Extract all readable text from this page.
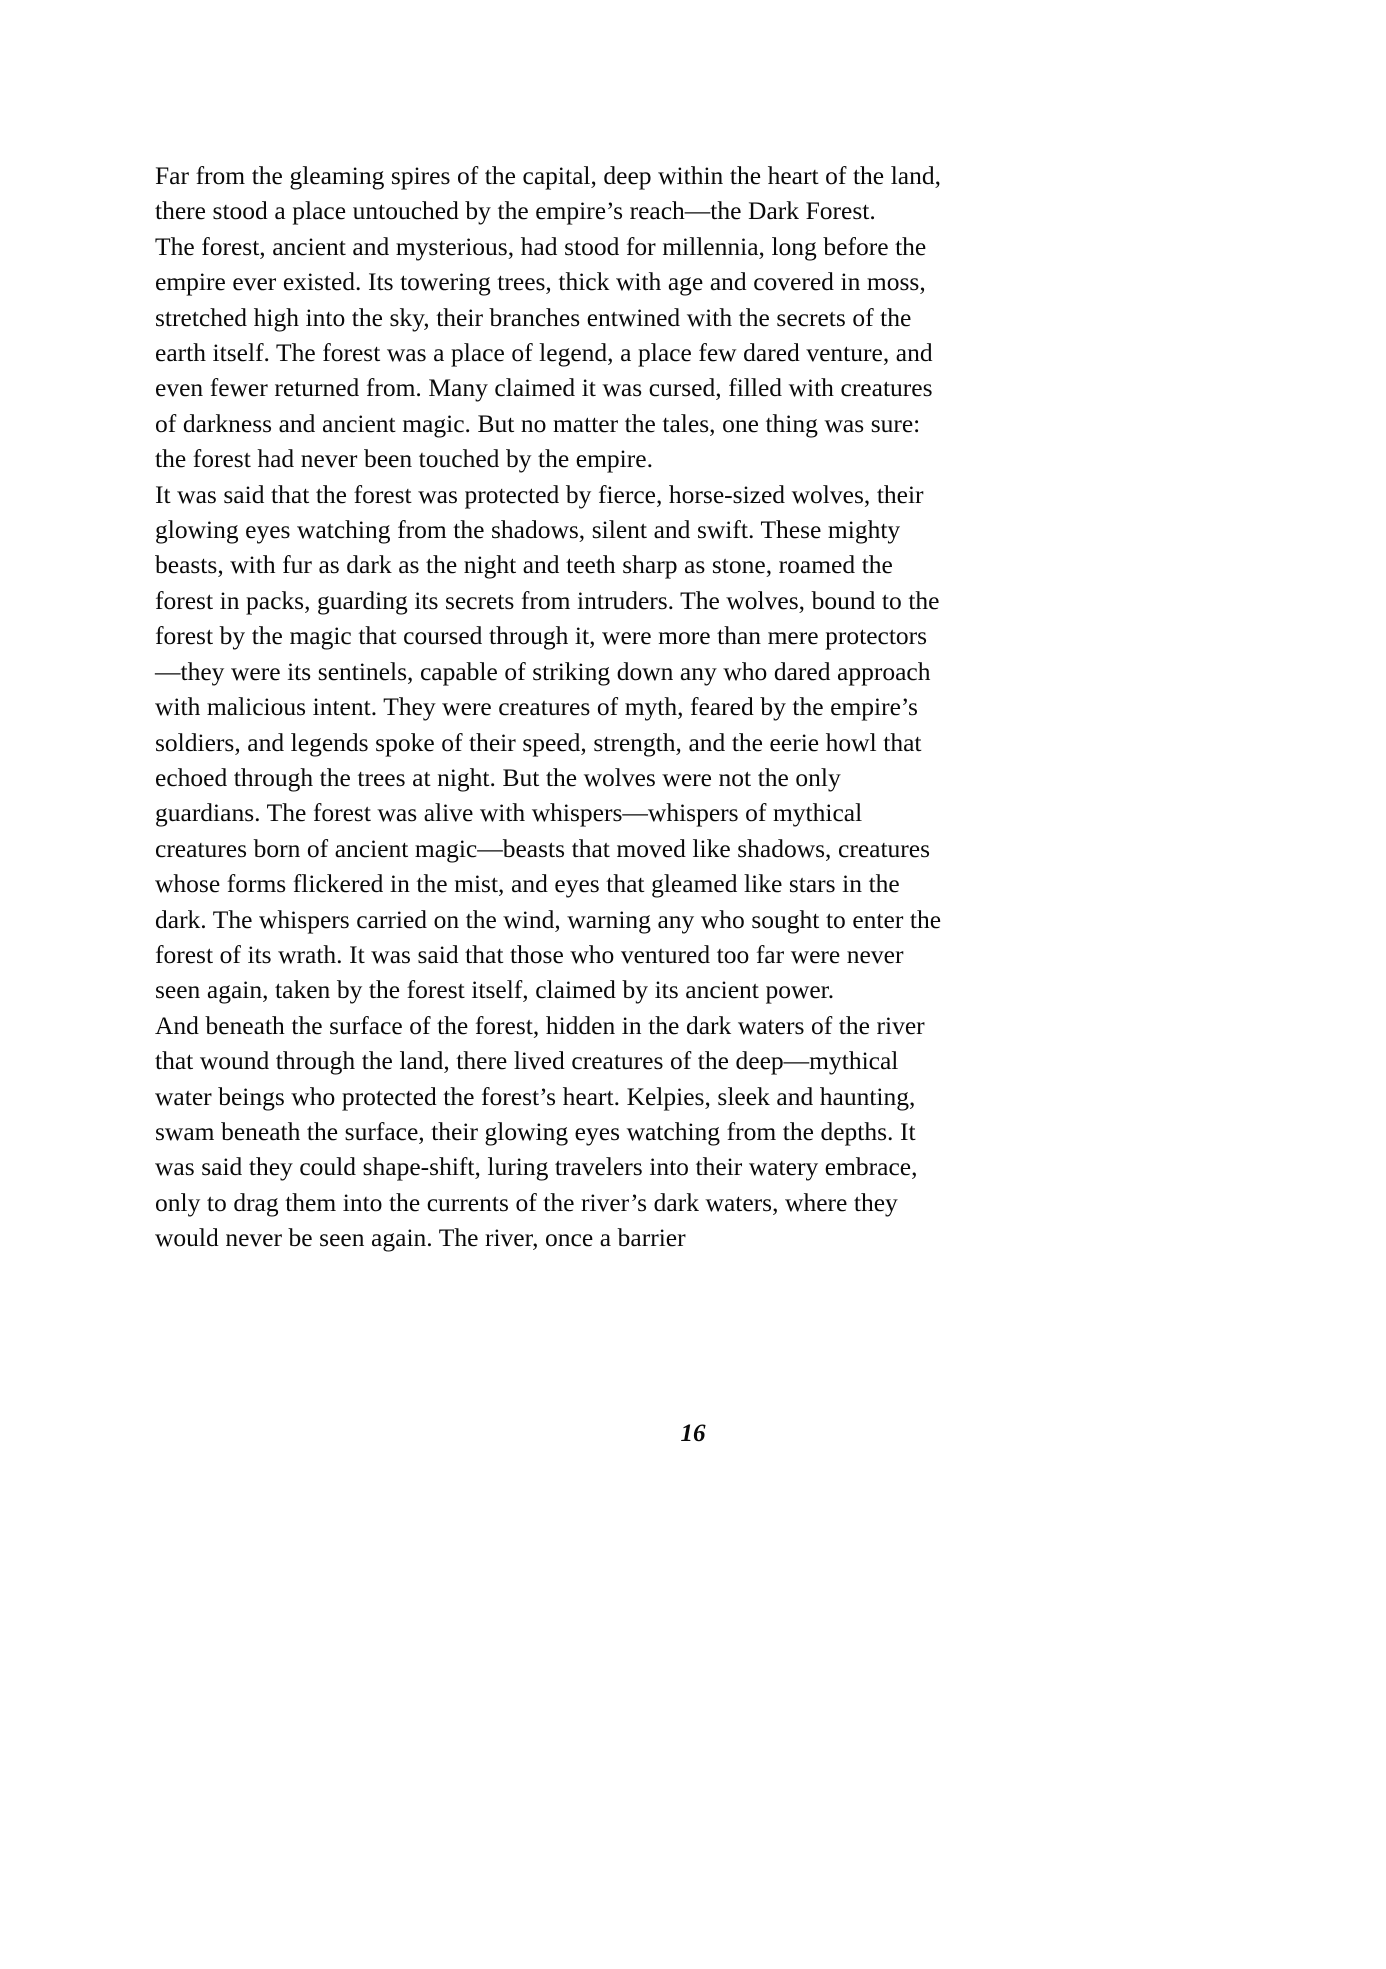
Far from the gleaming spires of the capital, deep within the heart of the land, there stood a place untouched by the empire’s reach—the Dark Forest.

The forest, ancient and mysterious, had stood for millennia, long before the empire ever existed. Its towering trees, thick with age and covered in moss, stretched high into the sky, their branches entwined with the secrets of the earth itself. The forest was a place of legend, a place few dared venture, and even fewer returned from. Many claimed it was cursed, filled with creatures of darkness and ancient magic. But no matter the tales, one thing was sure: the forest had never been touched by the empire.

It was said that the forest was protected by fierce, horse-sized wolves, their glowing eyes watching from the shadows, silent and swift. These mighty beasts, with fur as dark as the night and teeth sharp as stone, roamed the forest in packs, guarding its secrets from intruders. The wolves, bound to the forest by the magic that coursed through it, were more than mere protectors—they were its sentinels, capable of striking down any who dared approach with malicious intent. They were creatures of myth, feared by the empire’s soldiers, and legends spoke of their speed, strength, and the eerie howl that echoed through the trees at night. But the wolves were not the only guardians. The forest was alive with whispers—whispers of mythical creatures born of ancient magic—beasts that moved like shadows, creatures whose forms flickered in the mist, and eyes that gleamed like stars in the dark. The whispers carried on the wind, warning any who sought to enter the forest of its wrath. It was said that those who ventured too far were never seen again, taken by the forest itself, claimed by its ancient power.

And beneath the surface of the forest, hidden in the dark waters of the river that wound through the land, there lived creatures of the deep—mythical water beings who protected the forest’s heart. Kelpies, sleek and haunting, swam beneath the surface, their glowing eyes watching from the depths. It was said they could shape-shift, luring travelers into their watery embrace, only to drag them into the currents of the river’s dark waters, where they would never be seen again. The river, once a barrier

16
